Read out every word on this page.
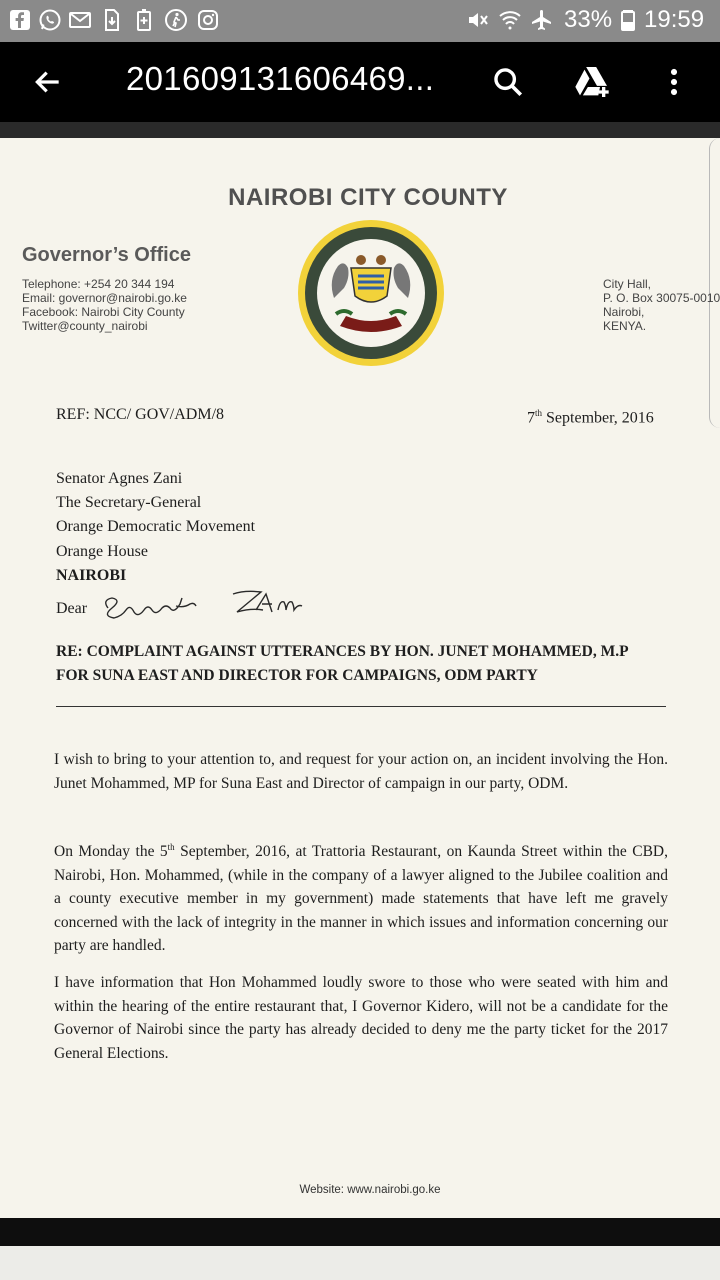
33% 19:59
201609131606469...
NAIROBI CITY COUNTY
Governor’s Office
Telephone: +254 20 344 194
Email: governor@nairobi.go.ke
Facebook: Nairobi City County
Twitter@county_nairobi
City Hall,
P. O. Box 30075-0010
Nairobi,
KENYA.
REF: NCC/ GOV/ADM/8	7th September, 2016
Senator Agnes Zani
The Secretary-General
Orange Democratic Movement
Orange House
NAIROBI
Dear
RE: COMPLAINT AGAINST UTTERANCES BY HON. JUNET MOHAMMED, M.P
FOR SUNA EAST AND DIRECTOR FOR CAMPAIGNS, ODM PARTY
I wish to bring to your attention to, and request for your action on, an incident involving the Hon. Junet Mohammed, MP for Suna East and Director of campaign in our party, ODM.
On Monday the 5th September, 2016, at Trattoria Restaurant, on Kaunda Street within the CBD, Nairobi, Hon. Mohammed, (while in the company of a lawyer aligned to the Jubilee coalition and a county executive member in my government) made statements that have left me gravely concerned with the lack of integrity in the manner in which issues and information concerning our party are handled.
I have information that Hon Mohammed loudly swore to those who were seated with him and within the hearing of the entire restaurant that, I Governor Kidero, will not be a candidate for the Governor of Nairobi since the party has already decided to deny me the party ticket for the 2017 General Elections.
Website: www.nairobi.go.ke
